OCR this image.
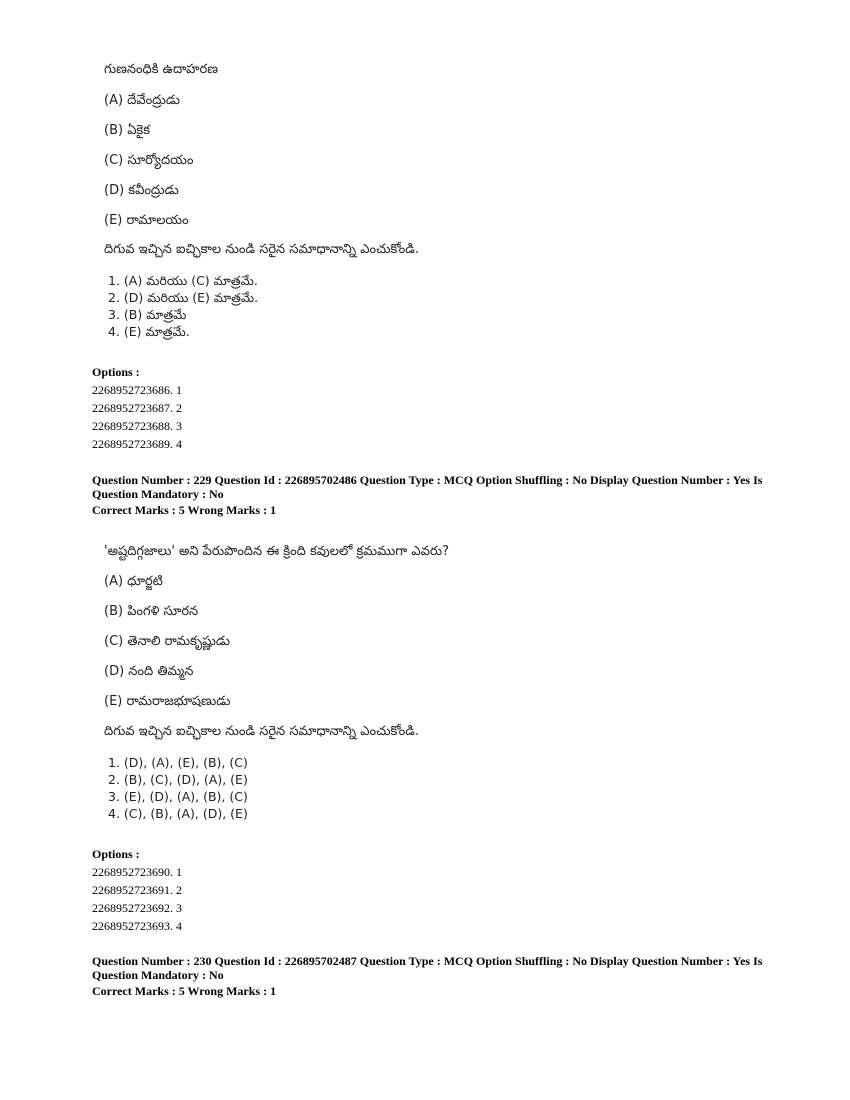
గుణనంధికి ఉదాహరణ
(A) దేవేంద్రుడు
(B) ఏకైక
(C) సూర్యోదయం
(D) కవీంద్రుడు
(E) రామాలయం
దిగువ ఇచ్చిన ఐచ్ఛికాల నుండి సరైన సమాధానాన్ని ఎంచుకోండి.
1. (A) మరియు (C) మాత్రమే.
2. (D) మరియు (E) మాత్రమే.
3. (B) మాత్రమే
4. (E) మాత్రమే.
Options :
2268952723686. 1
2268952723687. 2
2268952723688. 3
2268952723689. 4
Question Number : 229 Question Id : 226895702486 Question Type : MCQ Option Shuffling : No Display Question Number : Yes Is
Question Mandatory : No
Correct Marks : 5 Wrong Marks : 1
'అష్టదిగ్గజాలు' అని పేరుపొందిన ఈ క్రింది కవులలో క్రమముగా ఎవరు?
(A) ధూర్జటి
(B) పింగళి సూరన
(C) తెనాలి రామకృష్ణుడు
(D) నంది తిమ్మన
(E) రామరాజభూషణుడు
దిగువ ఇచ్చిన ఐచ్ఛికాల నుండి సరైన సమాధానాన్ని ఎంచుకోండి.
1. (D), (A), (E), (B), (C)
2. (B), (C), (D), (A), (E)
3. (E), (D), (A), (B), (C)
4. (C), (B), (A), (D), (E)
Options :
2268952723690. 1
2268952723691. 2
2268952723692. 3
2268952723693. 4
Question Number : 230 Question Id : 226895702487 Question Type : MCQ Option Shuffling : No Display Question Number : Yes Is
Question Mandatory : No
Correct Marks : 5 Wrong Marks : 1
